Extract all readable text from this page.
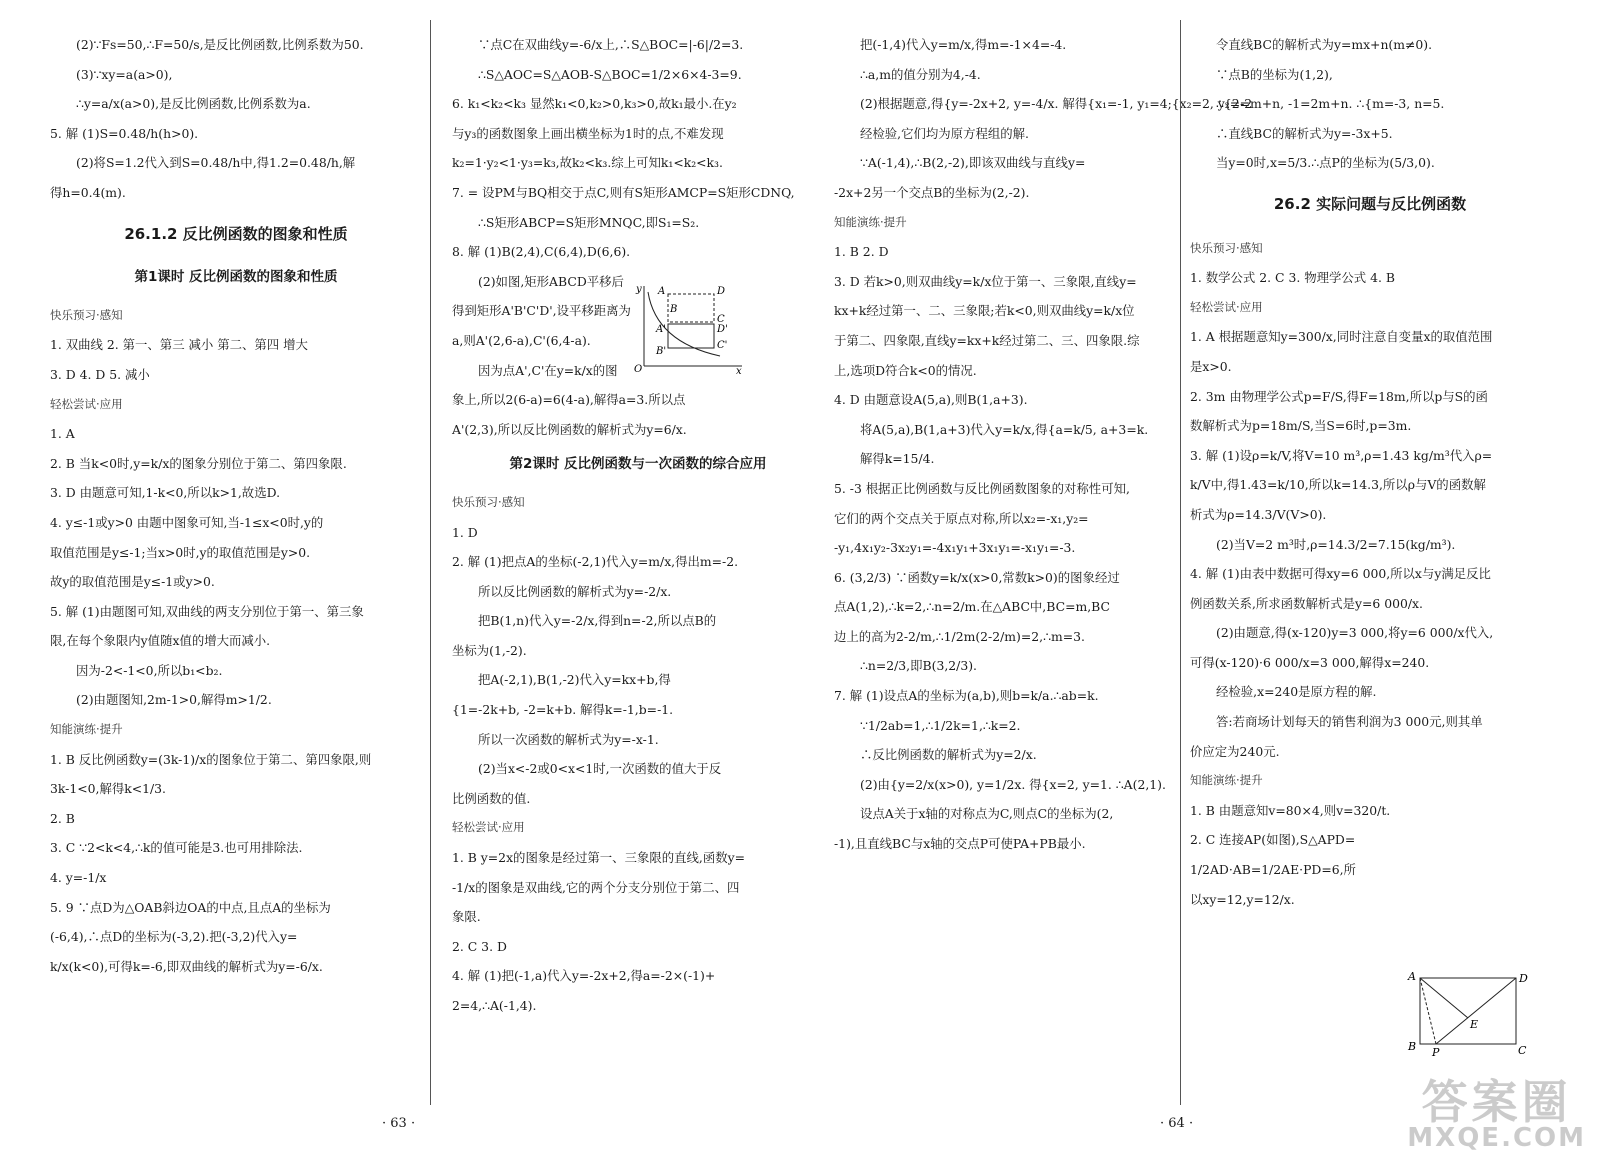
(2)∵Fs=50,∴F=50/s,是反比例函数,比例系数为50.
(3)∵xy=a(a>0),
∴y=a/x(a>0),是反比例函数,比例系数为a.
5. 解 (1)S=0.48/h(h>0).
(2)将S=1.2代入到S=0.48/h中,得1.2=0.48/h,解
得h=0.4(m).
26.1.2 反比例函数的图象和性质
第1课时 反比例函数的图象和性质
快乐预习·感知
1. 双曲线 2. 第一、第三 减小 第二、第四 增大
3. D 4. D 5. 减小
轻松尝试·应用
1. A
2. B 当k<0时,y=k/x的图象分别位于第二、第四象限.
3. D 由题意可知,1-k<0,所以k>1,故选D.
4. y≤-1或y>0 由题中图象可知,当-1≤x<0时,y的
取值范围是y≤-1;当x>0时,y的取值范围是y>0.
故y的取值范围是y≤-1或y>0.
5. 解 (1)由题图可知,双曲线的两支分别位于第一、第三象
限,在每个象限内y值随x值的增大而减小.
因为-2<-1<0,所以b₁<b₂.
(2)由题图知,2m-1>0,解得m>1/2.
知能演练·提升
1. B 反比例函数y=(3k-1)/x的图象位于第二、第四象限,则
3k-1<0,解得k<1/3.
2. B
3. C ∵2<k<4,∴k的值可能是3.也可用排除法.
4. y=-1/x
5. 9 ∵点D为△OAB斜边OA的中点,且点A的坐标为
(-6,4),∴点D的坐标为(-3,2).把(-3,2)代入y=
k/x(k<0),可得k=-6,即双曲线的解析式为y=-6/x.
∵点C在双曲线y=-6/x上,∴S△BOC=|-6|/2=3.
∴S△AOC=S△AOB-S△BOC=1/2×6×4-3=9.
6. k₁<k₂<k₃ 显然k₁<0,k₂>0,k₃>0,故k₁最小.在y₂
与y₃的函数图象上画出横坐标为1时的点,不难发现
k₂=1·y₂<1·y₃=k₃,故k₂<k₃.综上可知k₁<k₂<k₃.
7. = 设PM与BQ相交于点C,则有S矩形AMCP=S矩形CDNQ,
∴S矩形ABCP=S矩形MNQC,即S₁=S₂.
8. 解 (1)B(2,4),C(6,4),D(6,6).
(2)如图,矩形ABCD平移后
得到矩形A'B'C'D',设平移距离为
a,则A'(2,6-a),C'(6,4-a).
因为点A',C'在y=k/x的图
象上,所以2(6-a)=6(4-a),解得a=3.所以点
A'(2,3),所以反比例函数的解析式为y=6/x.
第2课时 反比例函数与一次函数的综合应用
快乐预习·感知
1. D
2. 解 (1)把点A的坐标(-2,1)代入y=m/x,得出m=-2.
所以反比例函数的解析式为y=-2/x.
把B(1,n)代入y=-2/x,得到n=-2,所以点B的
坐标为(1,-2).
把A(-2,1),B(1,-2)代入y=kx+b,得
{1=-2k+b, -2=k+b. 解得k=-1,b=-1.
所以一次函数的解析式为y=-x-1.
(2)当x<-2或0<x<1时,一次函数的值大于反
比例函数的值.
轻松尝试·应用
1. B y=2x的图象是经过第一、三象限的直线,函数y=
-1/x的图象是双曲线,它的两个分支分别位于第二、四
象限.
2. C 3. D
4. 解 (1)把(-1,a)代入y=-2x+2,得a=-2×(-1)+
2=4,∴A(-1,4).
y A	D
B
C
A'	D'
B'
C'
O	x
· 63 ·
把(-1,4)代入y=m/x,得m=-1×4=-4.
∴a,m的值分别为4,-4.
(2)根据题意,得{y=-2x+2, y=-4/x. 解得{x₁=-1, y₁=4;{x₂=2, y₂=-2
经检验,它们均为原方程组的解.
∵A(-1,4),∴B(2,-2),即该双曲线与直线y=
-2x+2另一个交点B的坐标为(2,-2).
知能演练·提升
1. B 2. D
3. D 若k>0,则双曲线y=k/x位于第一、三象限,直线y=
kx+k经过第一、二、三象限;若k<0,则双曲线y=k/x位
于第二、四象限,直线y=kx+k经过第二、三、四象限.综
上,选项D符合k<0的情况.
4. D 由题意设A(5,a),则B(1,a+3).
将A(5,a),B(1,a+3)代入y=k/x,得{a=k/5, a+3=k.
解得k=15/4.
5. -3 根据正比例函数与反比例函数图象的对称性可知,
它们的两个交点关于原点对称,所以x₂=-x₁,y₂=
-y₁,4x₁y₂-3x₂y₁=-4x₁y₁+3x₁y₁=-x₁y₁=-3.
6. (3,2/3) ∵函数y=k/x(x>0,常数k>0)的图象经过
点A(1,2),∴k=2,∴n=2/m.在△ABC中,BC=m,BC
边上的高为2-2/m,∴1/2m(2-2/m)=2,∴m=3.
∴n=2/3,即B(3,2/3).
7. 解 (1)设点A的坐标为(a,b),则b=k/a.∴ab=k.
∵1/2ab=1,∴1/2k=1,∴k=2.
∴反比例函数的解析式为y=2/x.
(2)由{y=2/x(x>0), y=1/2x. 得{x=2, y=1. ∴A(2,1).
设点A关于x轴的对称点为C,则点C的坐标为(2,
-1),且直线BC与x轴的交点P可使PA+PB最小.
令直线BC的解析式为y=mx+n(m≠0).
∵点B的坐标为(1,2),
∴{2=m+n, -1=2m+n. ∴{m=-3, n=5.
∴直线BC的解析式为y=-3x+5.
当y=0时,x=5/3.∴点P的坐标为(5/3,0).
26.2 实际问题与反比例函数
快乐预习·感知
1. 数学公式 2. C 3. 物理学公式 4. B
轻松尝试·应用
1. A 根据题意知y=300/x,同时注意自变量x的取值范围
是x>0.
2. 3m 由物理学公式p=F/S,得F=18m,所以p与S的函
数解析式为p=18m/S,当S=6时,p=3m.
3. 解 (1)设ρ=k/V,将V=10 m³,ρ=1.43 kg/m³代入ρ=
k/V中,得1.43=k/10,所以k=14.3,所以ρ与V的函数解
析式为ρ=14.3/V(V>0).
(2)当V=2 m³时,ρ=14.3/2=7.15(kg/m³).
4. 解 (1)由表中数据可得xy=6 000,所以x与y满足反比
例函数关系,所求函数解析式是y=6 000/x.
(2)由题意,得(x-120)y=3 000,将y=6 000/x代入,
可得(x-120)·6 000/x=3 000,解得x=240.
经检验,x=240是原方程的解.
答:若商场计划每天的销售利润为3 000元,则其单
价应定为240元.
知能演练·提升
1. B 由题意知v=80×4,则v=320/t.
2. C 连接AP(如图),S△APD=
1/2AD·AB=1/2AE·PD=6,所
以xy=12,y=12/x.
A	D
E
B P	C
· 64 ·	答案圈
MXQE.COM
